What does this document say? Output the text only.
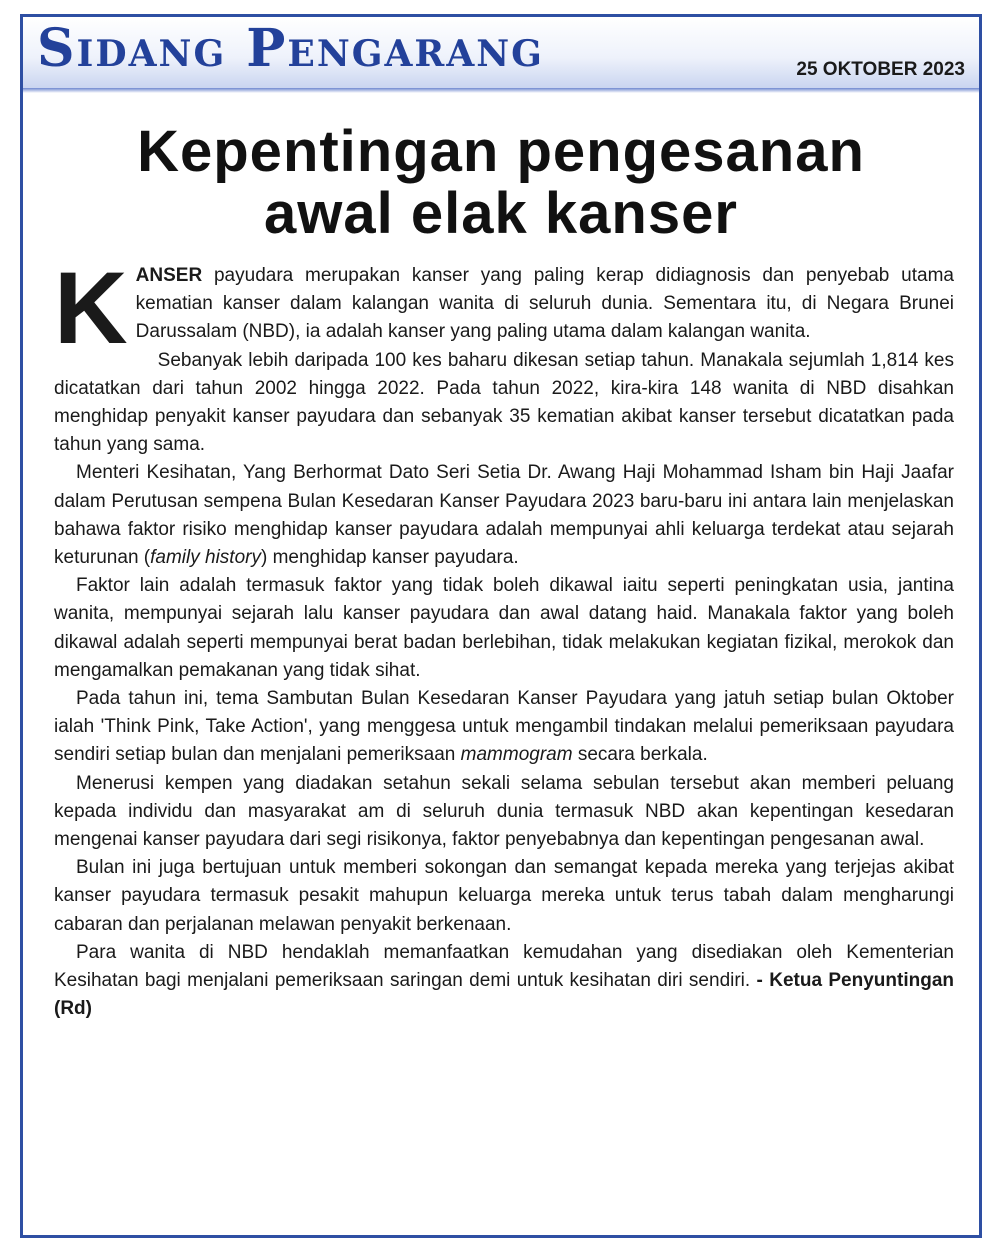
Sidang Pengarang	25 OKTOBER 2023
Kepentingan pengesanan
awal elak kanser

KANSER payudara merupakan kanser yang paling kerap didiagnosis dan penyebab utama kematian kanser dalam kalangan wanita di seluruh dunia. Sementara itu, di Negara Brunei Darussalam (NBD), ia adalah kanser yang paling utama dalam kalangan wanita.

Sebanyak lebih daripada 100 kes baharu dikesan setiap tahun. Manakala sejumlah 1,814 kes dicatatkan dari tahun 2002 hingga 2022. Pada tahun 2022, kira-kira 148 wanita di NBD disahkan menghidap penyakit kanser payudara dan sebanyak 35 kematian akibat kanser tersebut dicatatkan pada tahun yang sama.

Menteri Kesihatan, Yang Berhormat Dato Seri Setia Dr. Awang Haji Mohammad Isham bin Haji Jaafar dalam Perutusan sempena Bulan Kesedaran Kanser Payudara 2023 baru-baru ini antara lain menjelaskan bahawa faktor risiko menghidap kanser payudara adalah mempunyai ahli keluarga terdekat atau sejarah keturunan (family history) menghidap kanser payudara.

Faktor lain adalah termasuk faktor yang tidak boleh dikawal iaitu seperti peningkatan usia, jantina wanita, mempunyai sejarah lalu kanser payudara dan awal datang haid. Manakala faktor yang boleh dikawal adalah seperti mempunyai berat badan berlebihan, tidak melakukan kegiatan fizikal, merokok dan mengamalkan pemakanan yang tidak sihat.

Pada tahun ini, tema Sambutan Bulan Kesedaran Kanser Payudara yang jatuh setiap bulan Oktober ialah 'Think Pink, Take Action', yang menggesa untuk mengambil tindakan melalui pemeriksaan payudara sendiri setiap bulan dan menjalani pemeriksaan mammogram secara berkala.

Menerusi kempen yang diadakan setahun sekali selama sebulan tersebut akan memberi peluang kepada individu dan masyarakat am di seluruh dunia termasuk NBD akan kepentingan kesedaran mengenai kanser payudara dari segi risikonya, faktor penyebabnya dan kepentingan pengesanan awal.

Bulan ini juga bertujuan untuk memberi sokongan dan semangat kepada mereka yang terjejas akibat kanser payudara termasuk pesakit mahupun keluarga mereka untuk terus tabah dalam mengharungi cabaran dan perjalanan melawan penyakit berkenaan.

Para wanita di NBD hendaklah memanfaatkan kemudahan yang disediakan oleh Kementerian Kesihatan bagi menjalani pemeriksaan saringan demi untuk kesihatan diri sendiri. - Ketua Penyuntingan (Rd)
